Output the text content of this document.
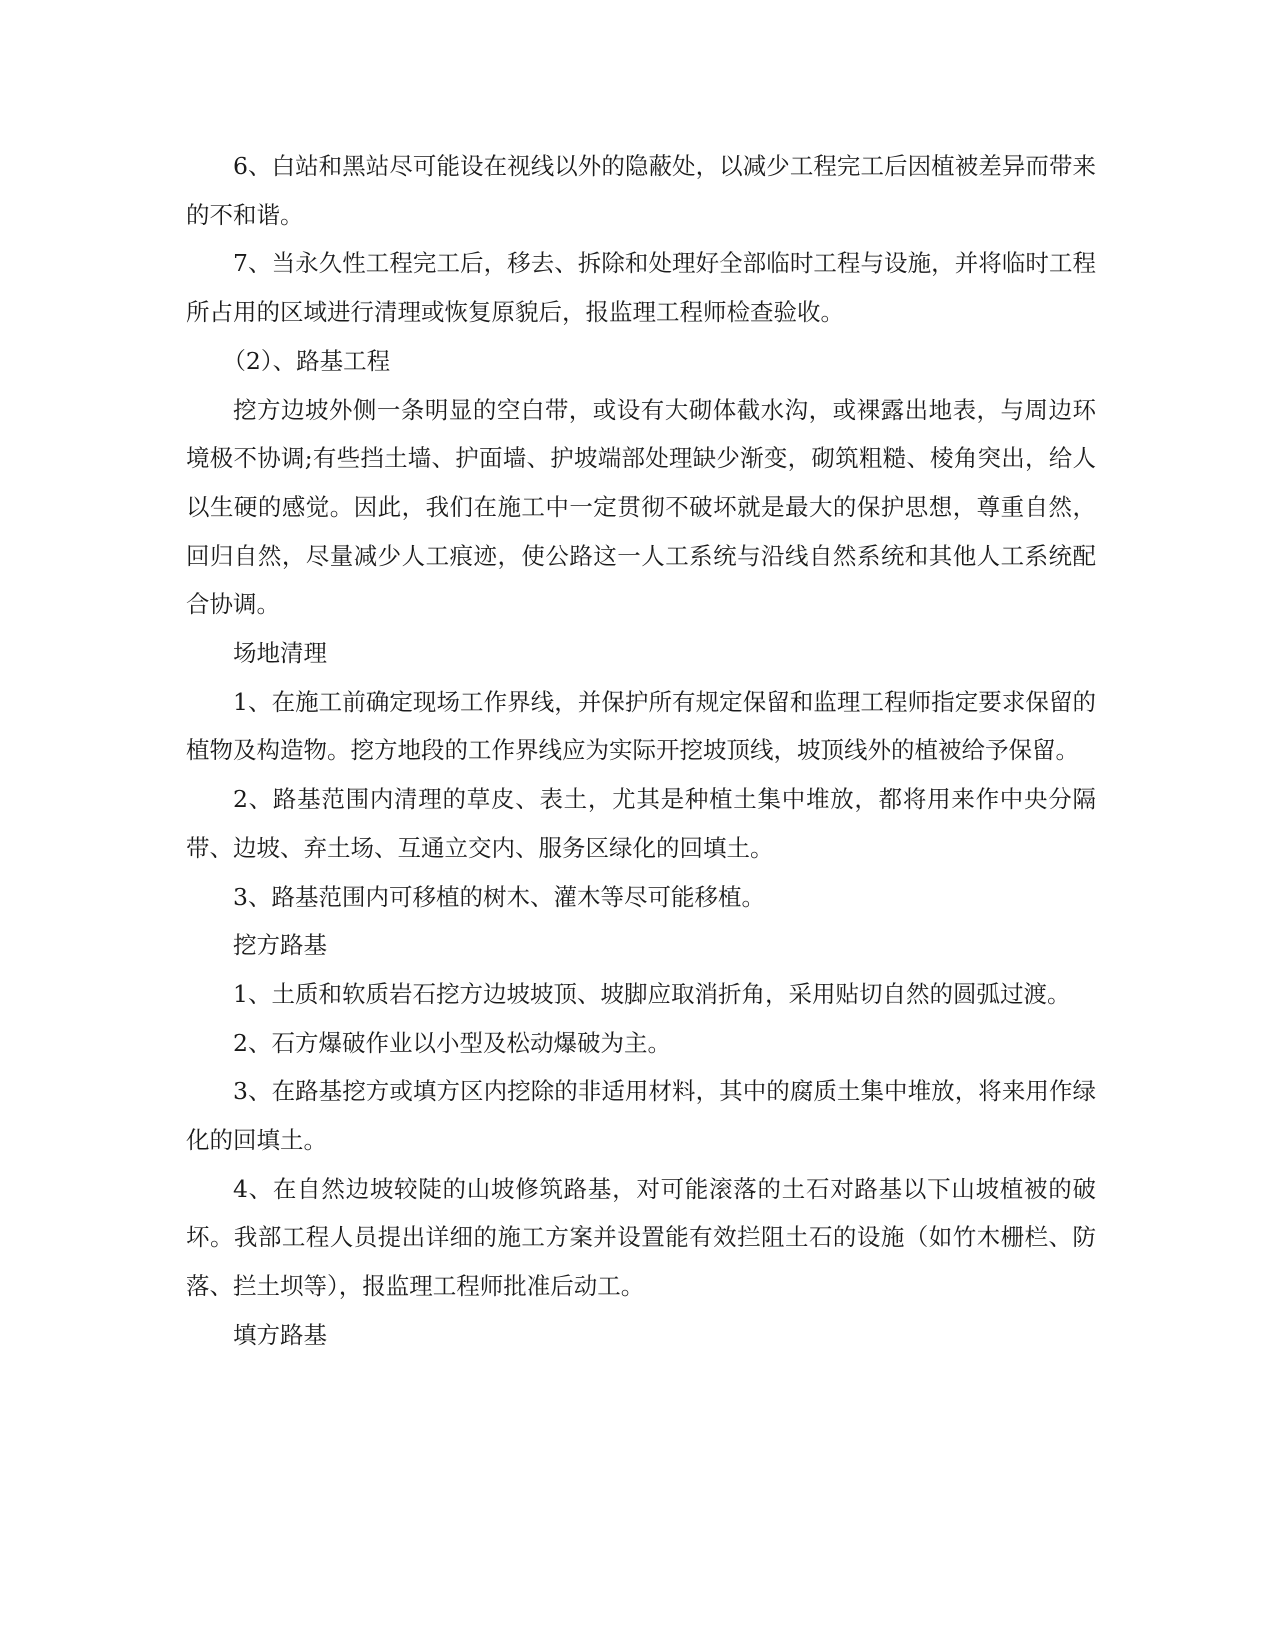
6、白站和黑站尽可能设在视线以外的隐蔽处，以减少工程完工后因植被差异而带来的不和谐。

7、当永久性工程完工后，移去、拆除和处理好全部临时工程与设施，并将临时工程所占用的区域进行清理或恢复原貌后，报监理工程师检查验收。

（2）、路基工程

挖方边坡外侧一条明显的空白带，或设有大砌体截水沟，或裸露出地表，与周边环境极不协调;有些挡土墙、护面墙、护坡端部处理缺少渐变，砌筑粗糙、棱角突出，给人以生硬的感觉。因此，我们在施工中一定贯彻不破坏就是最大的保护思想，尊重自然，回归自然，尽量减少人工痕迹，使公路这一人工系统与沿线自然系统和其他人工系统配合协调。

场地清理

1、在施工前确定现场工作界线，并保护所有规定保留和监理工程师指定要求保留的植物及构造物。挖方地段的工作界线应为实际开挖坡顶线，坡顶线外的植被给予保留。

2、路基范围内清理的草皮、表土，尤其是种植土集中堆放，都将用来作中央分隔带、边坡、弃土场、互通立交内、服务区绿化的回填土。

3、路基范围内可移植的树木、灌木等尽可能移植。

挖方路基

1、土质和软质岩石挖方边坡坡顶、坡脚应取消折角，采用贴切自然的圆弧过渡。

2、石方爆破作业以小型及松动爆破为主。

3、在路基挖方或填方区内挖除的非适用材料，其中的腐质土集中堆放，将来用作绿化的回填土。

4、在自然边坡较陡的山坡修筑路基，对可能滚落的土石对路基以下山坡植被的破坏。我部工程人员提出详细的施工方案并设置能有效拦阻土石的设施（如竹木栅栏、防落、拦土坝等），报监理工程师批准后动工。

填方路基
